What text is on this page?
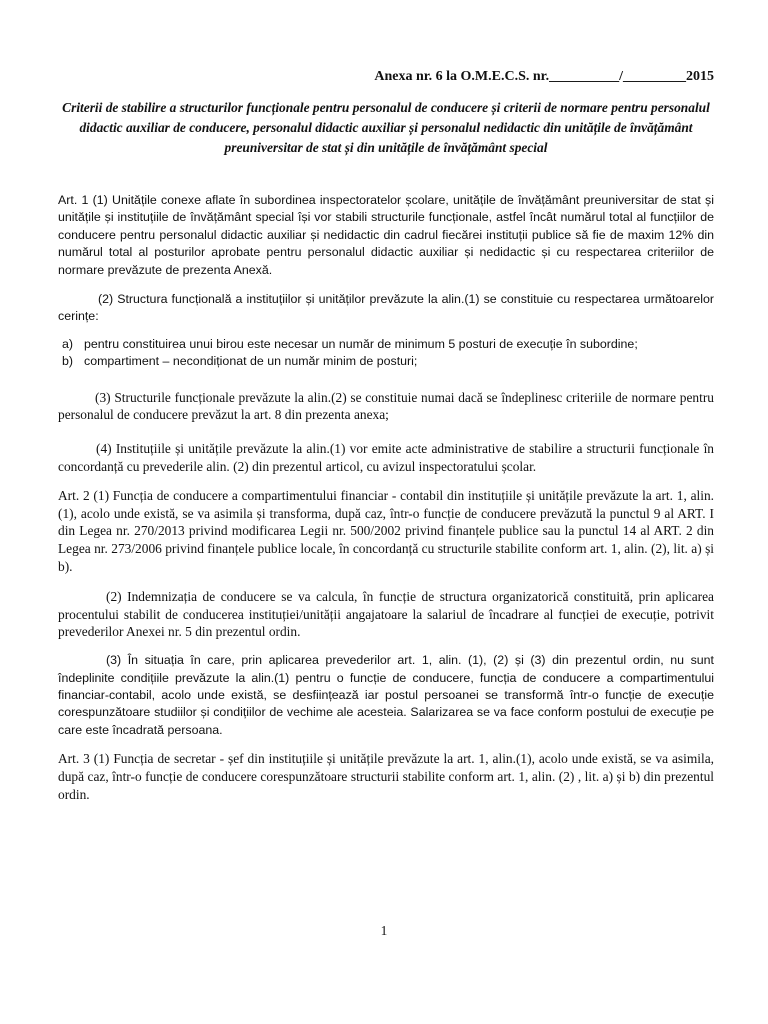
Anexa nr. 6 la O.M.E.C.S. nr.__________/_________2015
Criterii de stabilire a structurilor funcționale pentru personalul de conducere și criterii de normare pentru personalul didactic auxiliar de conducere, personalul didactic auxiliar și personalul nedidactic din unitățile de învățământ preuniversitar de stat și din unitățile de învățământ special

Art. 1 (1) Unitățile conexe aflate în subordinea inspectoratelor școlare, unitățile de învățământ preuniversitar de stat și unitățile și instituțiile de învățământ special își vor stabili structurile funcționale, astfel încât numărul total al funcțiilor de conducere pentru personalul didactic auxiliar și nedidactic din cadrul fiecărei instituții publice să fie de maxim 12% din numărul total al posturilor aprobate pentru personalul didactic auxiliar și nedidactic și cu respectarea criteriilor de normare prevăzute de prezenta Anexă.

(2) Structura funcțională a instituțiilor și unităților prevăzute la alin.(1) se constituie cu respectarea următoarelor cerințe:

a) pentru constituirea unui birou este necesar un număr de minimum 5 posturi de execuție în subordine;
b) compartiment – necondiționat de un număr minim de posturi;

(3) Structurile funcționale prevăzute la alin.(2) se constituie numai dacă se îndeplinesc criteriile de normare pentru personalul de conducere prevăzut la art. 8 din prezenta anexa;

(4) Instituțiile și unitățile prevăzute la alin.(1) vor emite acte administrative de stabilire a structurii funcționale în concordanță cu prevederile alin. (2) din prezentul articol, cu avizul inspectoratului școlar.

Art. 2 (1) Funcția de conducere a compartimentului financiar - contabil din instituțiile și unitățile prevăzute la art. 1, alin.(1), acolo unde există, se va asimila și transforma, după caz, într-o funcție de conducere prevăzută la punctul 9 al ART. I din Legea nr. 270/2013 privind modificarea Legii nr. 500/2002 privind finanțele publice sau la punctul 14 al ART. 2 din Legea nr. 273/2006 privind finanțele publice locale, în concordanță cu structurile stabilite conform art. 1, alin. (2), lit. a) și b).

(2) Indemnizația de conducere se va calcula, în funcție de structura organizatorică constituită, prin aplicarea procentului stabilit de conducerea instituției/unității angajatoare la salariul de încadrare al funcției de execuție, potrivit prevederilor Anexei nr. 5 din prezentul ordin.

(3) În situația în care, prin aplicarea prevederilor art. 1, alin. (1), (2) și (3) din prezentul ordin, nu sunt îndeplinite condițiile prevăzute la alin.(1) pentru o funcție de conducere, funcția de conducere a compartimentului financiar-contabil, acolo unde există, se desființează iar postul persoanei se transformă într-o funcție de execuție corespunzătoare studiilor și condițiilor de vechime ale acesteia. Salarizarea se va face conform postului de execuție pe care este încadrată persoana.

Art. 3 (1) Funcția de secretar - șef din instituțiile și unitățile prevăzute la art. 1, alin.(1), acolo unde există, se va asimila, după caz, într-o funcție de conducere corespunzătoare structurii stabilite conform art. 1, alin. (2) , lit. a) și b) din prezentul ordin.

1
